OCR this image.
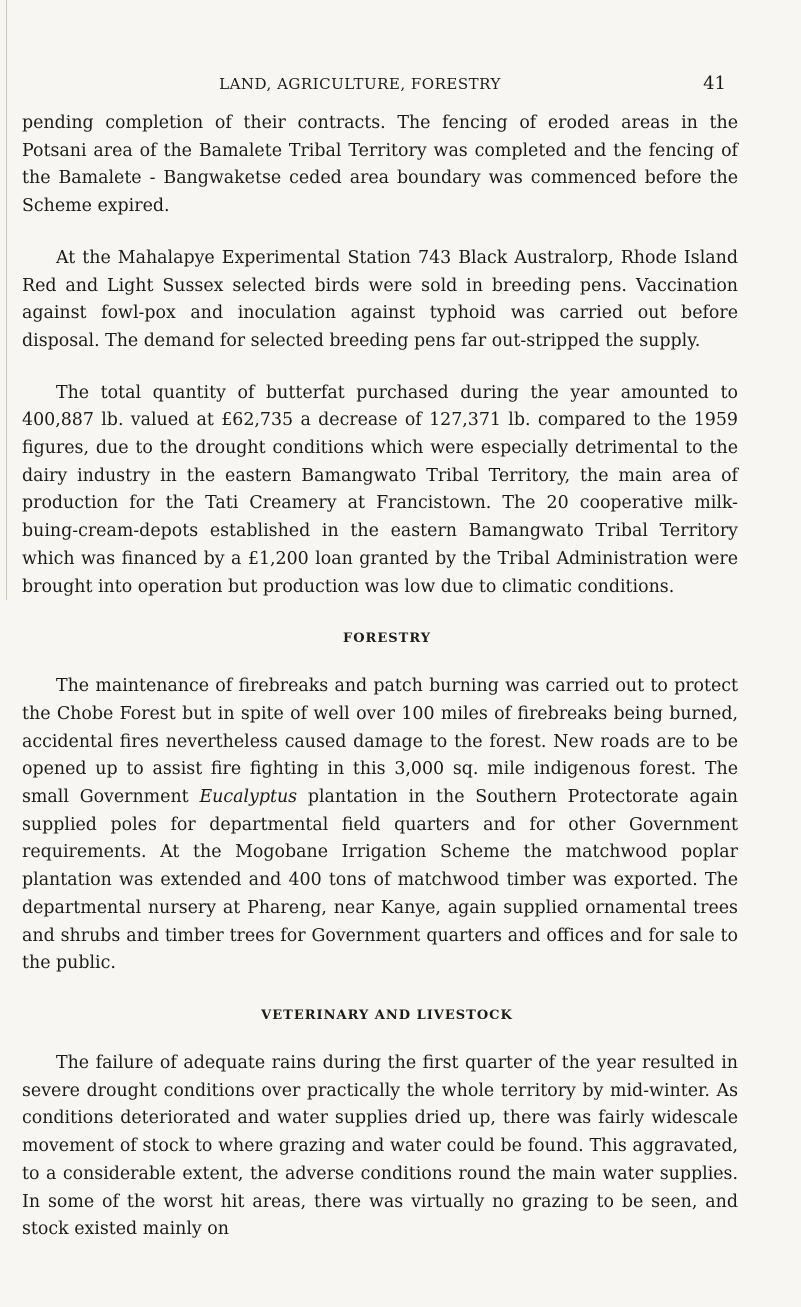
LAND, AGRICULTURE, FORESTRY	41

pending completion of their contracts. The fencing of eroded areas in the Potsani area of the Bamalete Tribal Territory was completed and the fencing of the Bamalete - Bangwaketse ceded area boundary was commenced before the Scheme expired.

At the Mahalapye Experimental Station 743 Black Australorp, Rhode Island Red and Light Sussex selected birds were sold in breeding pens. Vaccination against fowl-pox and inoculation against typhoid was carried out before disposal. The demand for selected breeding pens far out-stripped the supply.

The total quantity of butterfat purchased during the year amounted to 400,887 lb. valued at £62,735 a decrease of 127,371 lb. compared to the 1959 figures, due to the drought conditions which were especially detrimental to the dairy industry in the eastern Bamangwato Tribal Territory, the main area of production for the Tati Creamery at Francistown. The 20 cooperative milk-buing-cream-depots established in the eastern Bamangwato Tribal Territory which was financed by a £1,200 loan granted by the Tribal Administration were brought into operation but production was low due to climatic conditions.

FORESTRY

The maintenance of firebreaks and patch burning was carried out to protect the Chobe Forest but in spite of well over 100 miles of firebreaks being burned, accidental fires nevertheless caused damage to the forest. New roads are to be opened up to assist fire fighting in this 3,000 sq. mile indigenous forest. The small Government Eucalyptus plantation in the Southern Protectorate again supplied poles for departmental field quarters and for other Government requirements. At the Mogobane Irrigation Scheme the matchwood poplar plantation was extended and 400 tons of matchwood timber was exported. The departmental nursery at Phareng, near Kanye, again supplied ornamental trees and shrubs and timber trees for Government quarters and offices and for sale to the public.

VETERINARY AND LIVESTOCK

The failure of adequate rains during the first quarter of the year resulted in severe drought conditions over practically the whole territory by mid-winter. As conditions deteriorated and water supplies dried up, there was fairly widescale movement of stock to where grazing and water could be found. This aggravated, to a considerable extent, the adverse conditions round the main water supplies. In some of the worst hit areas, there was virtually no grazing to be seen, and stock existed mainly on
